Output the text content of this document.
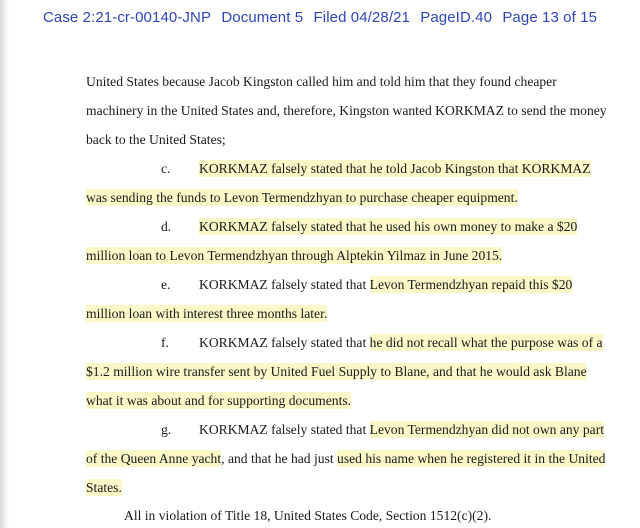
Case 2:21-cr-00140-JNP Document 5 Filed 04/28/21 PageID.40 Page 13 of 15
United States because Jacob Kingston called him and told him that they found cheaper
machinery in the United States and, therefore, Kingston wanted KORKMAZ to send the money
back to the United States;
c. KORKMAZ falsely stated that he told Jacob Kingston that KORKMAZ
was sending the funds to Levon Termendzhyan to purchase cheaper equipment.
d. KORKMAZ falsely stated that he used his own money to make a $20
million loan to Levon Termendzhyan through Alptekin Yilmaz in June 2015.
e. KORKMAZ falsely stated that Levon Termendzhyan repaid this $20
million loan with interest three months later.
f. KORKMAZ falsely stated that he did not recall what the purpose was of a
$1.2 million wire transfer sent by United Fuel Supply to Blane, and that he would ask Blane
what it was about and for supporting documents.
g. KORKMAZ falsely stated that Levon Termendzhyan did not own any part
of the Queen Anne yacht, and that he had just used his name when he registered it in the United
States.
All in violation of Title 18, United States Code, Section 1512(c)(2).
